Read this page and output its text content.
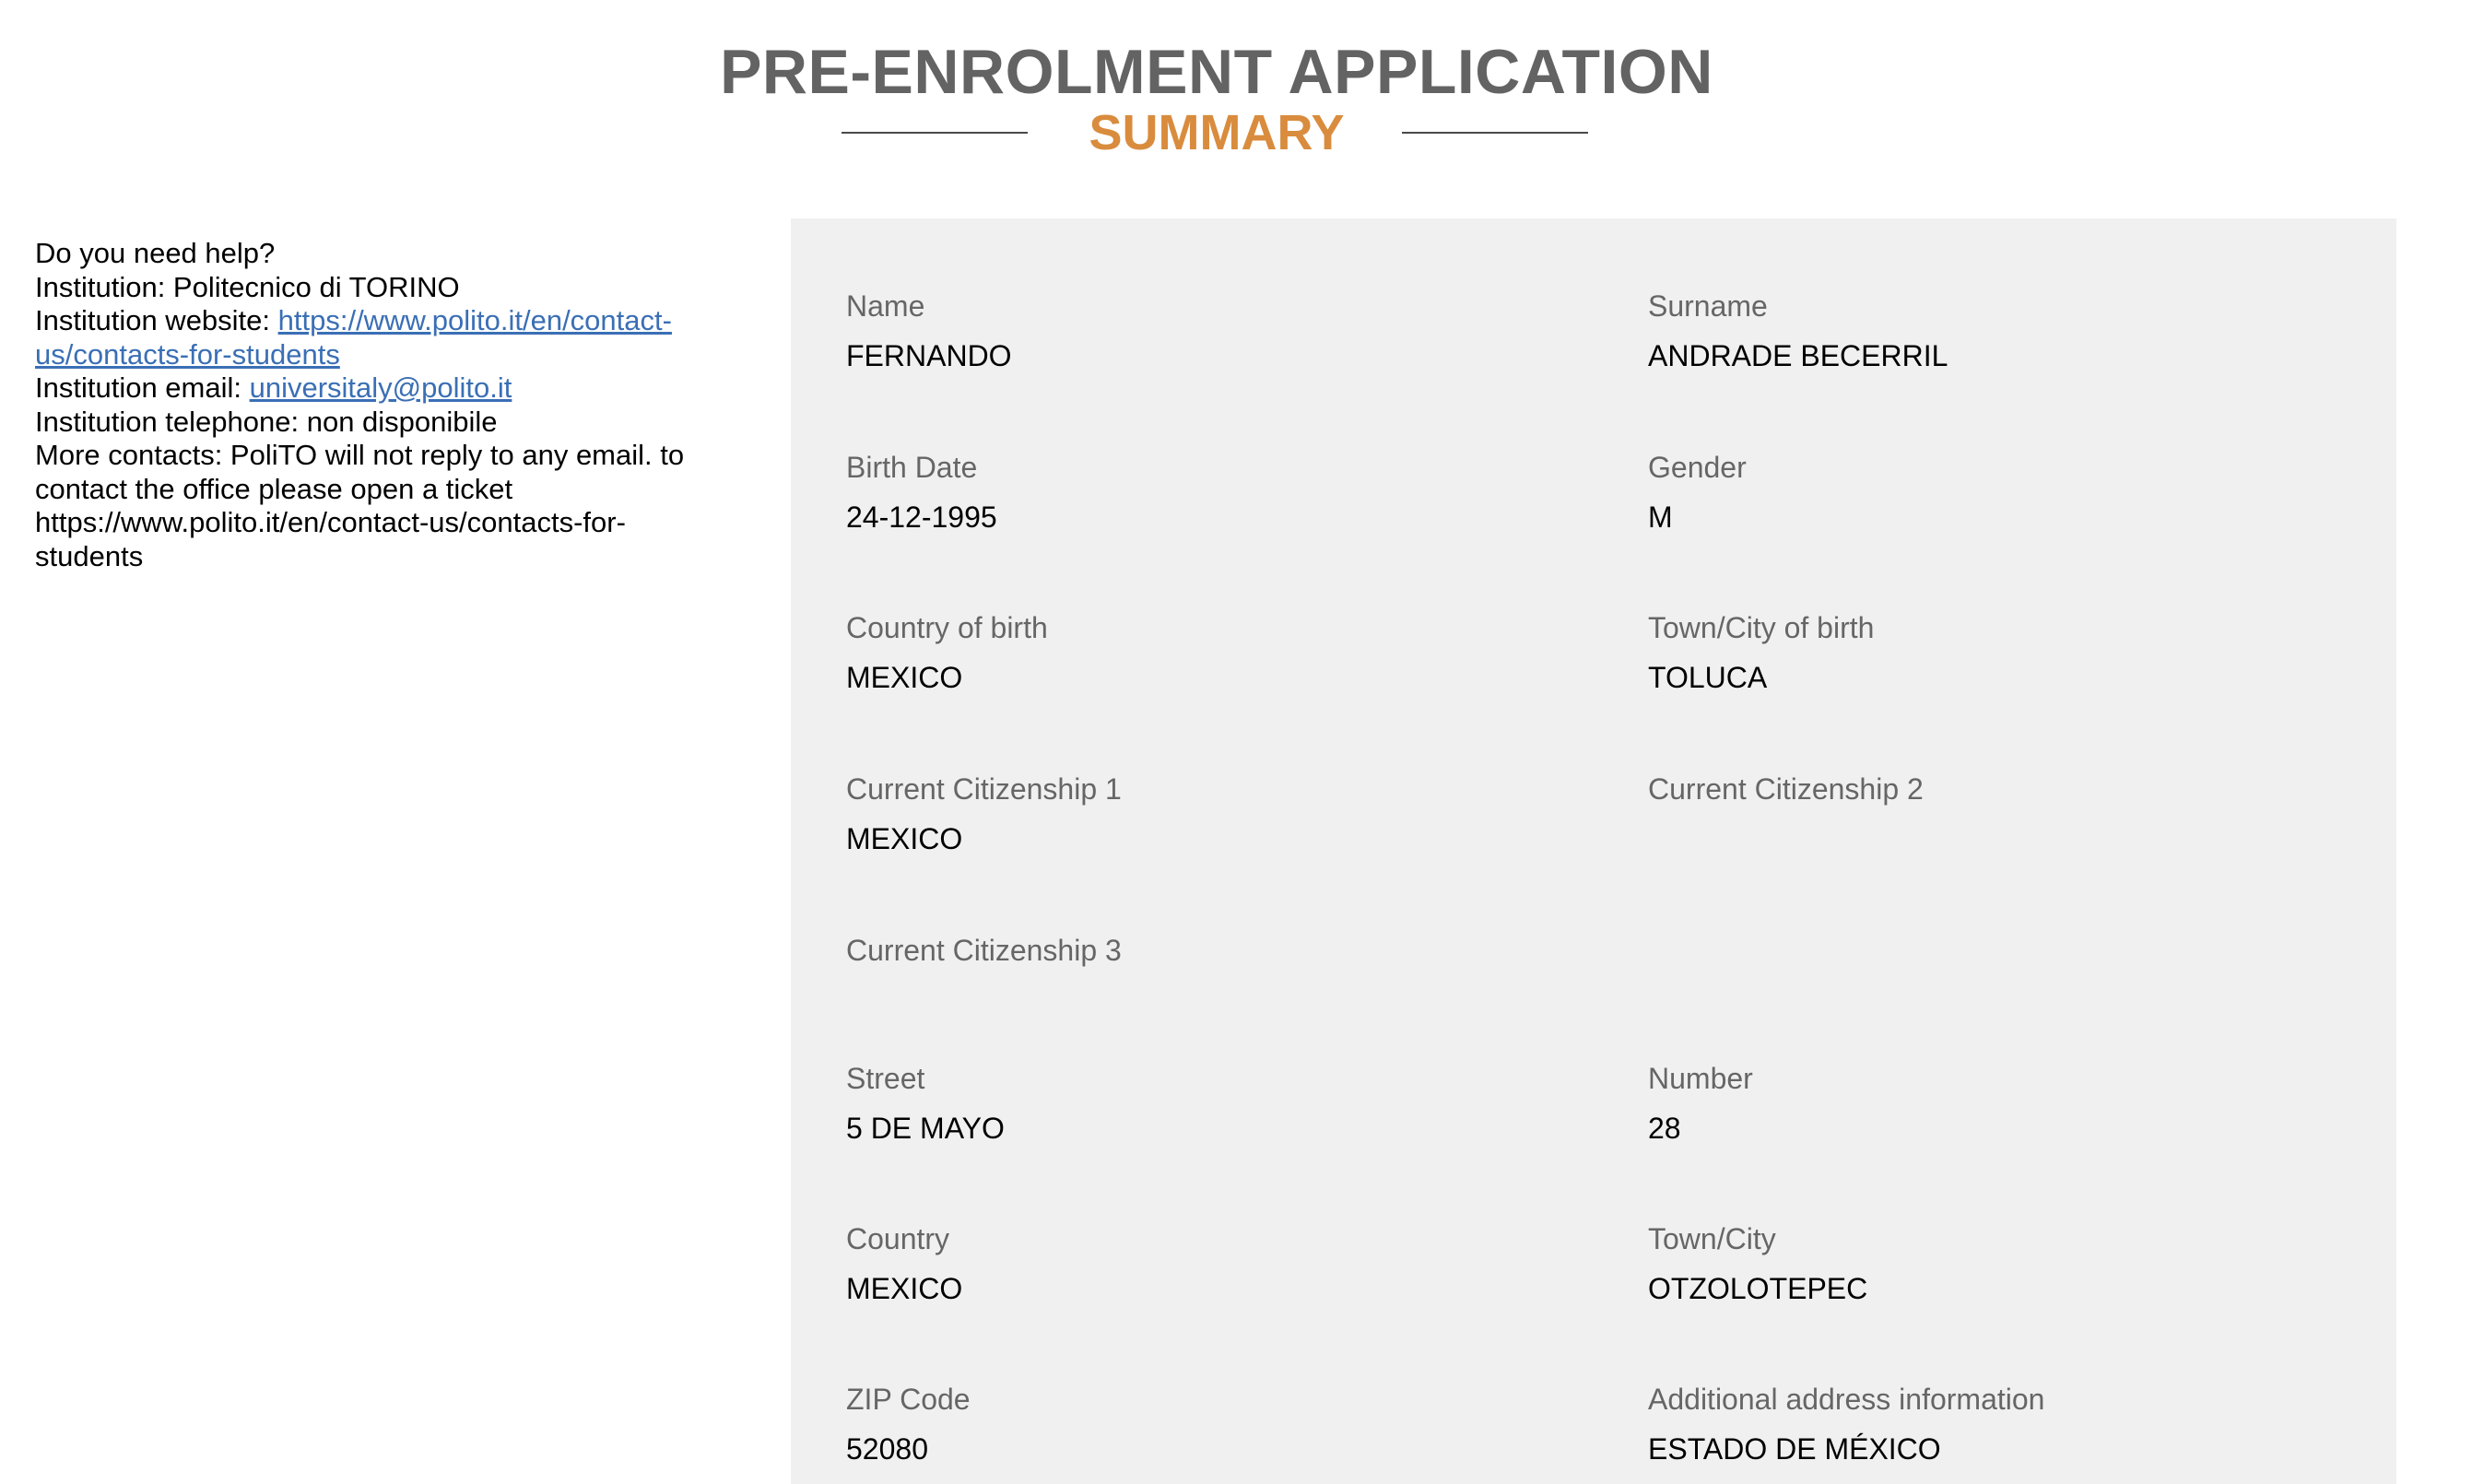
PRE-ENROLMENT APPLICATION
SUMMARY
Do you need help?
Institution: Politecnico di TORINO
Institution website: https://www.polito.it/en/contact-
us/contacts-for-students
Institution email: universitaly@polito.it
Institution telephone: non disponibile
More contacts: PoliTO will not reply to any email. to
contact the office please open a ticket
https://www.polito.it/en/contact-us/contacts-for-
students
Name
FERNANDO
Surname
ANDRADE BECERRIL
Birth Date
24-12-1995
Gender
M
Country of birth
MEXICO
Town/City of birth
TOLUCA
Current Citizenship 1
MEXICO
Current Citizenship 2
Current Citizenship 3
Street
5 DE MAYO
Number
28
Country
MEXICO
Town/City
OTZOLOTEPEC
ZIP Code
52080
Additional address information
ESTADO DE MÉXICO
